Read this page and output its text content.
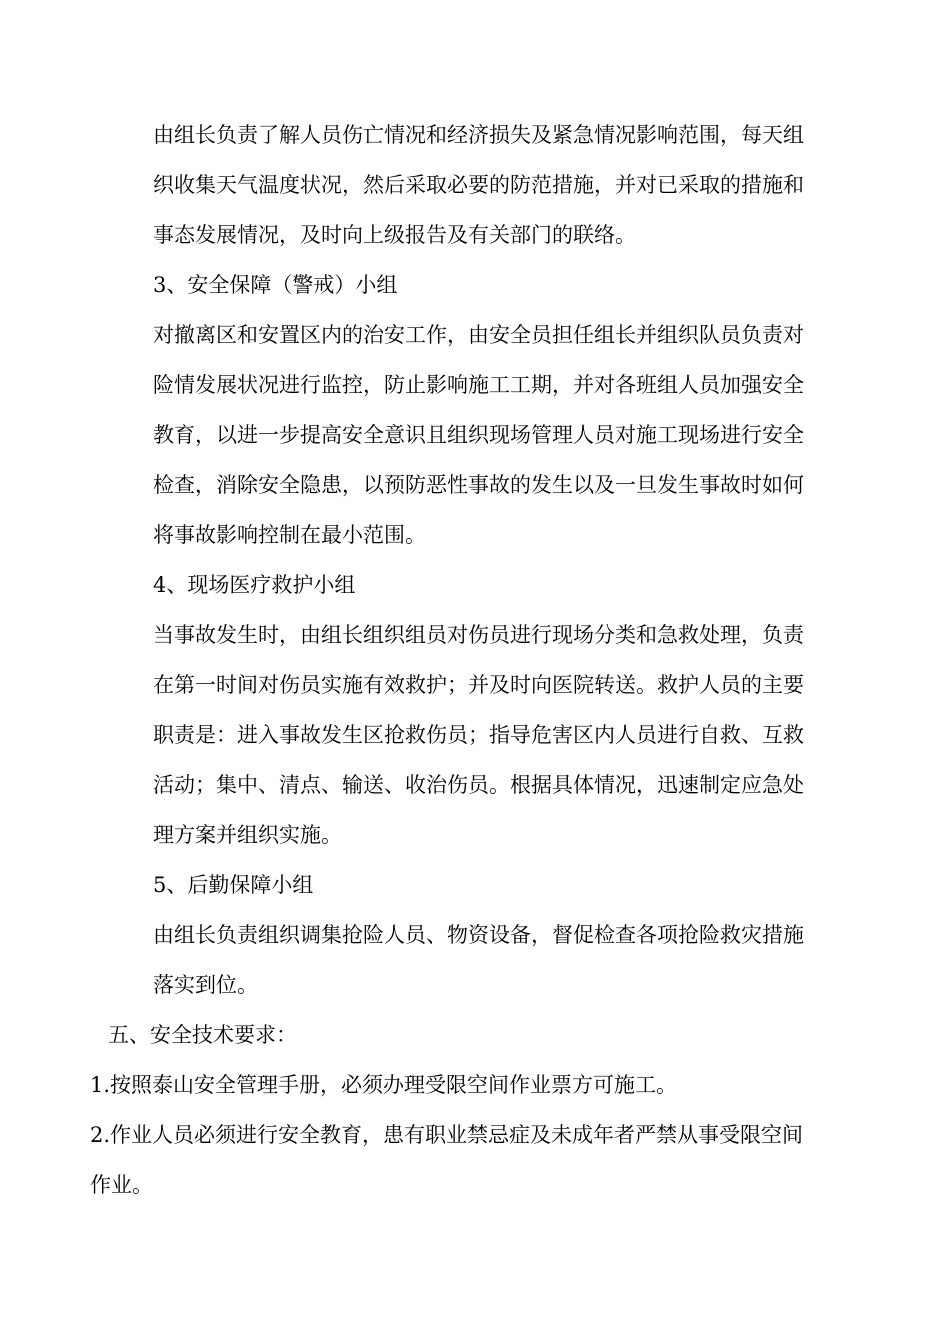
由组长负责了解人员伤亡情况和经济损失及紧急情况影响范围，每天组
织收集天气温度状况，然后采取必要的防范措施，并对已采取的措施和
事态发展情况，及时向上级报告及有关部门的联络。
3、安全保障（警戒）小组
对撤离区和安置区内的治安工作，由安全员担任组长并组织队员负责对
险情发展状况进行监控，防止影响施工工期，并对各班组人员加强安全
教育，以进一步提高安全意识且组织现场管理人员对施工现场进行安全
检查，消除安全隐患，以预防恶性事故的发生以及一旦发生事故时如何
将事故影响控制在最小范围。
4、现场医疗救护小组
当事故发生时，由组长组织组员对伤员进行现场分类和急救处理，负责
在第一时间对伤员实施有效救护；并及时向医院转送。救护人员的主要
职责是：进入事故发生区抢救伤员；指导危害区内人员进行自救、互救
活动；集中、清点、输送、收治伤员。根据具体情况，迅速制定应急处
理方案并组织实施。
5、后勤保障小组
由组长负责组织调集抢险人员、物资设备，督促检查各项抢险救灾措施
落实到位。
五、安全技术要求：
1.按照泰山安全管理手册，必须办理受限空间作业票方可施工。
2.作业人员必须进行安全教育，患有职业禁忌症及未成年者严禁从事受限空间
作业。
